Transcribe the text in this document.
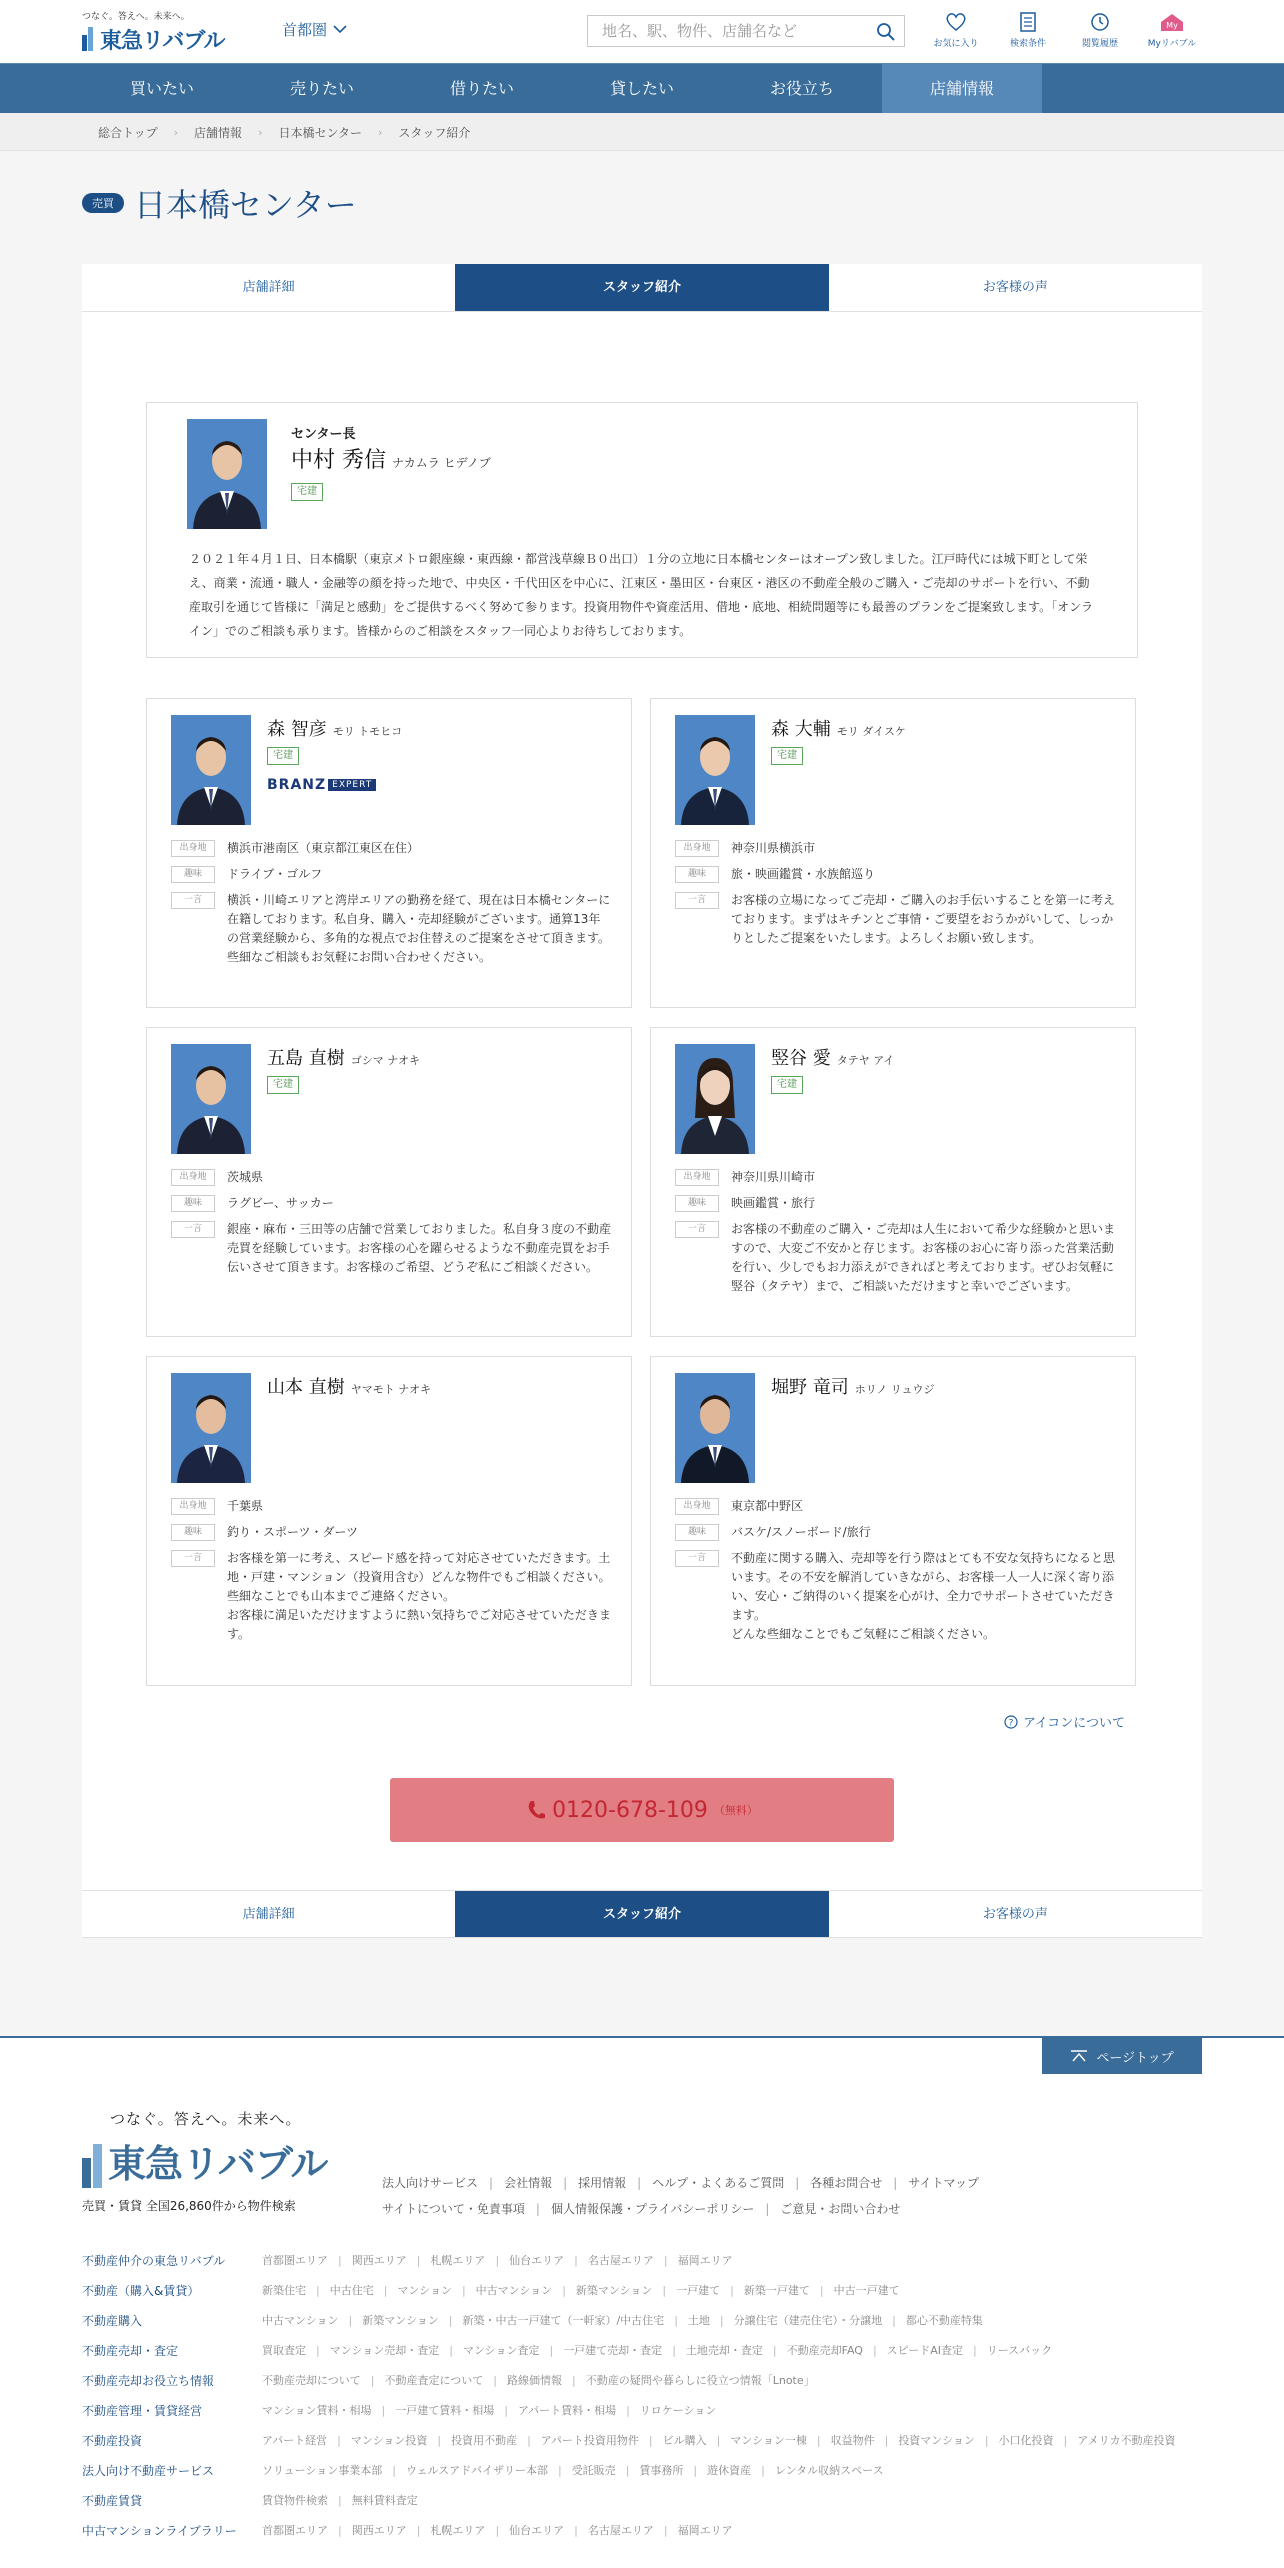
つなぐ。答えへ。未来へ。
東急リバブル	首都圏
地名、駅、物件、店舗名など
お気に入り	検索条件	閲覧履歴
My
Myリバブル
買いたい	売りたい	借りたい	貸したい	お役立ち	店舗情報
総合トップ › 店舗情報 › 日本橋センター › スタッフ紹介
売買 日本橋センター
店舗詳細	スタッフ紹介	お客様の声
センター長
中村 秀信 ナカムラ ヒデノブ
宅建
２０２１年４月１日、日本橋駅（東京メトロ銀座線・東西線・都営浅草線Ｂ０出口）１分の立地に日本橋センターはオープン致しました。江戸時代には城下町として栄え、商業・流通・職人・金融等の顔を持った地で、中央区・千代田区を中心に、江東区・墨田区・台東区・港区の不動産全般のご購入・ご売却のサポートを行い、不動産取引を通じて皆様に「満足と感動」をご提供するべく努めて参ります。投資用物件や資産活用、借地・底地、相続問題等にも最善のプランをご提案致します。「オンライン」でのご相談も承ります。皆様からのご相談をスタッフ一同心よりお待ちしております。
森 智彦 モリ トモヒコ
宅建
BRANZ EXPERT
出身地	横浜市港南区（東京都江東区在住）
趣味	ドライブ・ゴルフ
一言	横浜・川崎エリアと湾岸エリアの勤務を経て、現在は日本橋センターに在籍しております。私自身、購入・売却経験がございます。通算13年の営業経験から、多角的な視点でお住替えのご提案をさせて頂きます。些細なご相談もお気軽にお問い合わせください。
森 大輔 モリ ダイスケ
宅建
出身地	神奈川県横浜市
趣味	旅・映画鑑賞・水族館巡り
一言	お客様の立場になってご売却・ご購入のお手伝いすることを第一に考えております。まずはキチンとご事情・ご要望をおうかがいして、しっかりとしたご提案をいたします。よろしくお願い致します。
五島 直樹 ゴシマ ナオキ
宅建
出身地	茨城県
趣味	ラグビー、サッカー
一言	銀座・麻布・三田等の店舗で営業しておりました。私自身３度の不動産売買を経験しています。お客様の心を躍らせるような不動産売買をお手伝いさせて頂きます。お客様のご希望、どうぞ私にご相談ください。
竪谷 愛 タテヤ アイ
宅建
出身地	神奈川県川崎市
趣味	映画鑑賞・旅行
一言	お客様の不動産のご購入・ご売却は人生において希少な経験かと思いますので、大変ご不安かと存じます。お客様のお心に寄り添った営業活動を行い、少しでもお力添えができればと考えております。ぜひお気軽に竪谷（タテヤ）まで、ご相談いただけますと幸いでございます。
山本 直樹 ヤマモト ナオキ
出身地	千葉県
趣味	釣り・スポーツ・ダーツ
一言	お客様を第一に考え、スピード感を持って対応させていただきます。土地・戸建・マンション（投資用含む）どんな物件でもご相談ください。
些細なことでも山本までご連絡ください。
お客様に満足いただけますように熱い気持ちでご対応させていただきます。
堀野 竜司 ホリノ リュウジ
出身地	東京都中野区
趣味	バスケ/スノーボード/旅行
一言	不動産に関する購入、売却等を行う際はとても不安な気持ちになると思います。その不安を解消していきながら、お客様一人一人に深く寄り添い、安心・ご納得のいく提案を心がけ、全力でサポートさせていただきます。
どんな些細なことでもご気軽にご相談ください。
? アイコンについて
0120-678-109 （無料）
店舗詳細	スタッフ紹介	お客様の声
つなぐ。答えへ。未来へ。
東急リバブル
売買・賃貸 全国26,860件から物件検索
法人向けサービス | 会社情報 | 採用情報 | ヘルプ・よくあるご質問 | 各種お問合せ | サイトマップ
サイトについて・免責事項 | 個人情報保護・プライバシーポリシー | ご意見・お問い合わせ
不動産仲介の東急リバブル	首都圏エリア | 関西エリア | 札幌エリア | 仙台エリア | 名古屋エリア | 福岡エリア
不動産（購入&賃貸）	新築住宅 | 中古住宅 | マンション | 中古マンション | 新築マンション | 一戸建て | 新築一戸建て | 中古一戸建て
不動産購入	中古マンション | 新築マンション | 新築・中古一戸建て（一軒家）/中古住宅 | 土地 | 分譲住宅（建売住宅）・分譲地 | 都心不動産特集
不動産売却・査定	買取査定 | マンション売却・査定 | マンション査定 | 一戸建て売却・査定 | 土地売却・査定 | 不動産売却FAQ | スピードAI査定 | リースバック
不動産売却お役立ち情報	不動産売却について | 不動産査定について | 路線価情報 | 不動産の疑問や暮らしに役立つ情報「Lnote」
不動産管理・賃貸経営	マンション賃料・相場 | 一戸建て賃料・相場 | アパート賃料・相場 | リロケーション
不動産投資	アパート経営 | マンション投資 | 投資用不動産 | アパート投資用物件 | ビル購入 | マンション一棟 | 収益物件 | 投資マンション | 小口化投資 | アメリカ不動産投資
法人向け不動産サービス	ソリューション事業本部 | ウェルスアドバイザリー本部 | 受託販売 | 賃事務所 | 遊休資産 | レンタル収納スペース
不動産賃貸	賃貸物件検索 | 無料賃料査定
中古マンションライブラリー	首都圏エリア | 関西エリア | 札幌エリア | 仙台エリア | 名古屋エリア | 福岡エリア
ページトップ
